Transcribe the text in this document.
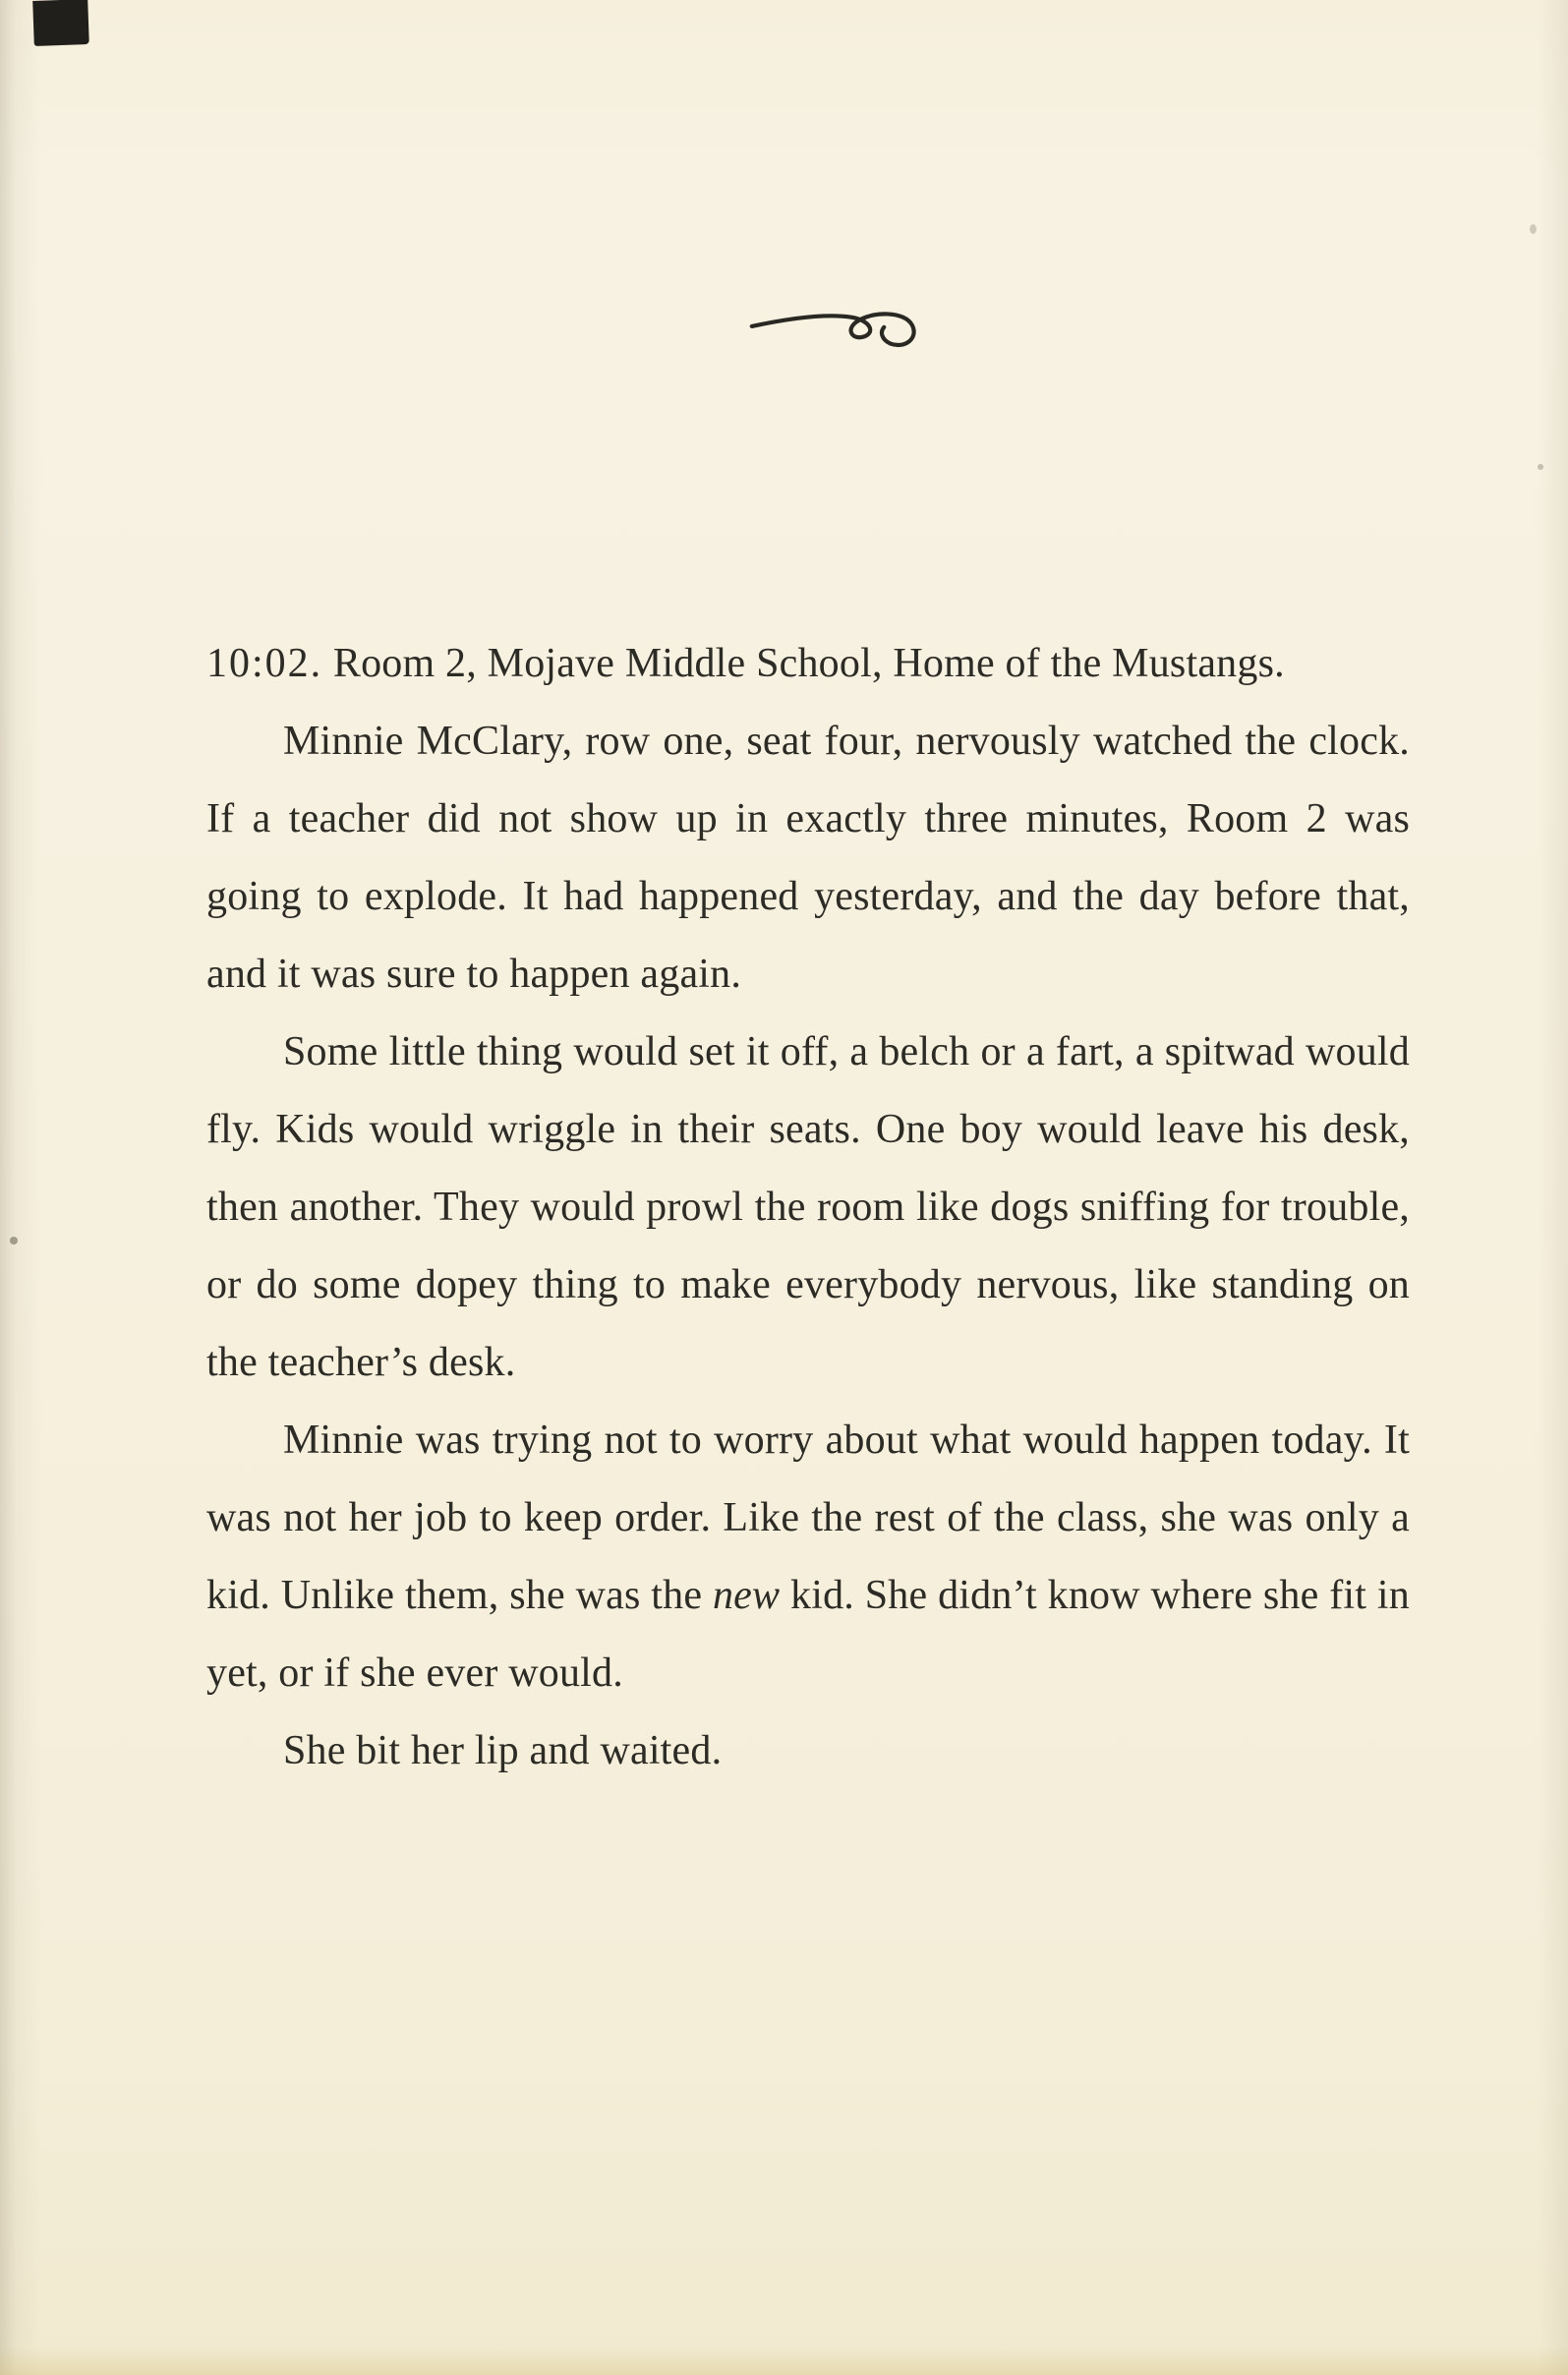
10:02. Room 2, Mojave Middle School, Home of the Mustangs.

Minnie McClary, row one, seat four, nervously watched the clock. If a teacher did not show up in exactly three minutes, Room 2 was going to explode. It had happened yesterday, and the day before that, and it was sure to happen again.

Some little thing would set it off, a belch or a fart, a spitwad would fly. Kids would wriggle in their seats. One boy would leave his desk, then another. They would prowl the room like dogs sniffing for trouble, or do some dopey thing to make everybody nervous, like standing on the teacher’s desk.

Minnie was trying not to worry about what would happen today. It was not her job to keep order. Like the rest of the class, she was only a kid. Unlike them, she was the new kid. She didn’t know where she fit in yet, or if she ever would.

She bit her lip and waited.
